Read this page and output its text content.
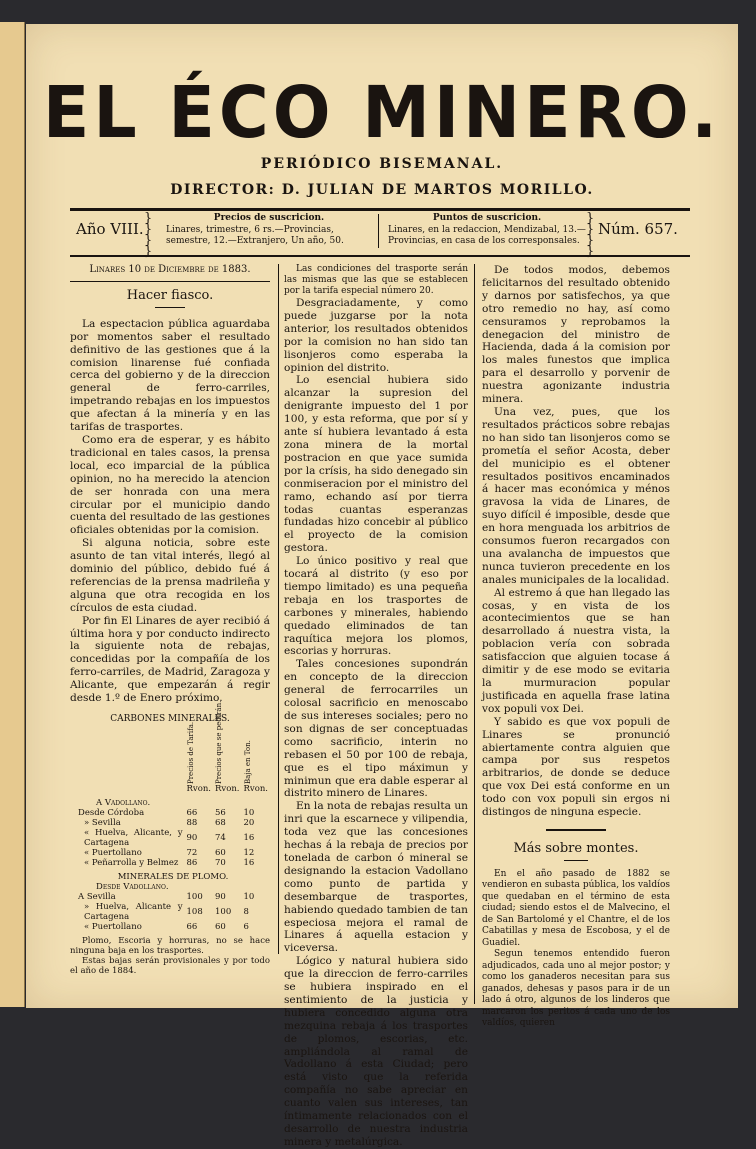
EL ÉCO MINERO.
PERIÓDICO BISEMANAL.
DIRECTOR: D. JULIAN DE MARTOS MORILLO.
Año VIII.
}
}
}
}
Precios de suscricion.
Linares, trimestre, 6 rs.—Provincias, semestre, 12.—Extranjero, Un año, 50.
Puntos de suscricion.
Linares, en la redaccion, Mendizabal, 13.—Provincias, en casa de los corresponsales.
}
}
}
}
Núm. 657.
Linares 10 de Diciembre de 1883.
Hacer fiasco.

La espectacion pública aguardaba por momentos saber el resultado definitivo de las gestiones que á la comision linarense fué confiada cerca del gobierno y de la direccion general de ferro-carriles, impetrando rebajas en los impuestos que afectan á la minería y en las tarifas de trasportes.

Como era de esperar, y es hábito tradicional en tales casos, la prensa local, eco imparcial de la pública opinion, no ha merecido la atencion de ser honrada con una mera circular por el municipio dando cuenta del resultado de las gestiones oficiales obtenidas por la comision.

Si alguna noticia, sobre este asunto de tan vital interés, llegó al dominio del público, debido fué á referencias de la prensa madrileña y alguna que otra recogida en los círculos de esta ciudad.

Por fin El Linares de ayer recibió á última hora y por conducto indirecto la siguiente nota de rebajas, concedidas por la compañía de los ferro-carriles, de Madrid, Zaragoza y Alicante, que empezarán á regir desde 1.º de Enero próximo.

CARBONES MINERALES.

	Precios de Tarifa.	Precios que se pedirán.	Baja en Ton.

	Rvon.	Rvon.	Rvon.
A Vadollano.			
Desde Córdoba	66	56	10
» Sevilla	88	68	20
« Huelva, Alicante, y Cartagena	90	74	16
« Puertollano	72	60	12
« Peñarrolla y Belmez	86	70	16
MINERALES DE PLOMO.			
Desde Vadollano.			
A Sevilla	100	90	10
» Huelva, Alicante y Cartagena	108	100	8
« Puertollano	66	60	6

Plomo, Escoria y horruras, no se hace ninguna baja en los trasportes.

Estas bajas serán provisionales y por todo el año de 1884.

Las condiciones del trasporte serán las mismas que las que se establecen por la tarifa especial número 20.

Desgraciadamente, y como puede juzgarse por la nota anterior, los resultados obtenidos por la comision no han sido tan lisonjeros como esperaba la opinion del distrito.

Lo esencial hubiera sido alcanzar la supresion del denigrante impuesto del 1 por 100, y esta reforma, que por sí y ante sí hubiera levantado á esta zona minera de la mortal postracion en que yace sumida por la crísis, ha sido denegado sin conmiseracion por el ministro del ramo, echando así por tierra todas cuantas esperanzas fundadas hizo concebir al público el proyecto de la comision gestora.

Lo único positivo y real que tocará al distrito (y eso por tiempo limitado) es una pequeña rebaja en los trasportes de carbones y minerales, habiendo quedado eliminados de tan raquítica mejora los plomos, escorias y horruras.

Tales concesiones supondrán en concepto de la direccion general de ferrocarriles un colosal sacrificio en menoscabo de sus intereses sociales; pero no son dignas de ser conceptuadas como sacrificio, interin no rebasen el 50 por 100 de rebaja, que es el tipo máximun y minimun que era dable esperar al distrito minero de Linares.

En la nota de rebajas resulta un inri que la escarnece y vilipendia, toda vez que las concesiones hechas á la rebaja de precios por tonelada de carbon ó mineral se designando la estacion Vadollano como punto de partida y desembarque de trasportes, habiendo quedado tambien de tan especiosa mejora el ramal de Linares á aquella estacion y viceversa.

Lógico y natural hubiera sido que la direccion de ferro-carriles se hubiera inspirado en el sentimiento de la justicia y hubiera concedido alguna otra mezquina rebaja á los trasportes de plomos, escorias, etc. ampliándola al ramal de Vadollano á esta Ciudad; pero está visto que la referida compañía no sabe apreciar en cuanto valen sus intereses, tan íntimamente relacionados con el desarrollo de nuestra industria minera y metalúrgica.

De todos modos, debemos felicitarnos del resultado obtenido y darnos por satisfechos, ya que otro remedio no hay, así como censuramos y reprobamos la denegacion del ministro de Hacienda, dada á la comision por los males funestos que implica para el desarrollo y porvenir de nuestra agonizante industria minera.

Una vez, pues, que los resultados prácticos sobre rebajas no han sido tan lisonjeros como se prometía el señor Acosta, deber del municipio es el obtener resultados positivos encaminados á hacer mas económica y ménos gravosa la vida de Linares, de suyo difícil é imposible, desde que en hora menguada los arbitrios de consumos fueron recargados con una avalancha de impuestos que nunca tuvieron precedente en los anales municipales de la localidad.

Al estremo á que han llegado las cosas, y en vista de los acontecimientos que se han desarrollado á nuestra vista, la poblacion vería con sobrada satisfaccion que alguien tocase á dimitir y de ese modo se evitaria la murmuracion popular justificada en aquella frase latina vox populi vox Dei.

Y sabido es que vox populi de Linares se pronunció abiertamente contra alguien que campa por sus respetos arbitrarios, de donde se deduce que vox Dei está conforme en un todo con vox populi sin ergos ni distingos de ninguna especie.

Más sobre montes.

En el año pasado de 1882 se vendieron en subasta pública, los valdíos que quedaban en el término de esta ciudad; siendo estos el de Malvecino, el de San Bartolomé y el Chantre, el de los Cabatillas y mesa de Escobosa, y el de Guadiel.

Segun tenemos entendido fueron adjudicados, cada uno al mejor postor; y como los ganaderos necesitan para sus ganados, dehesas y pasos para ir de un lado á otro, algunos de los linderos que marcaron los peritos á cada uno de los valdíos, quieren
